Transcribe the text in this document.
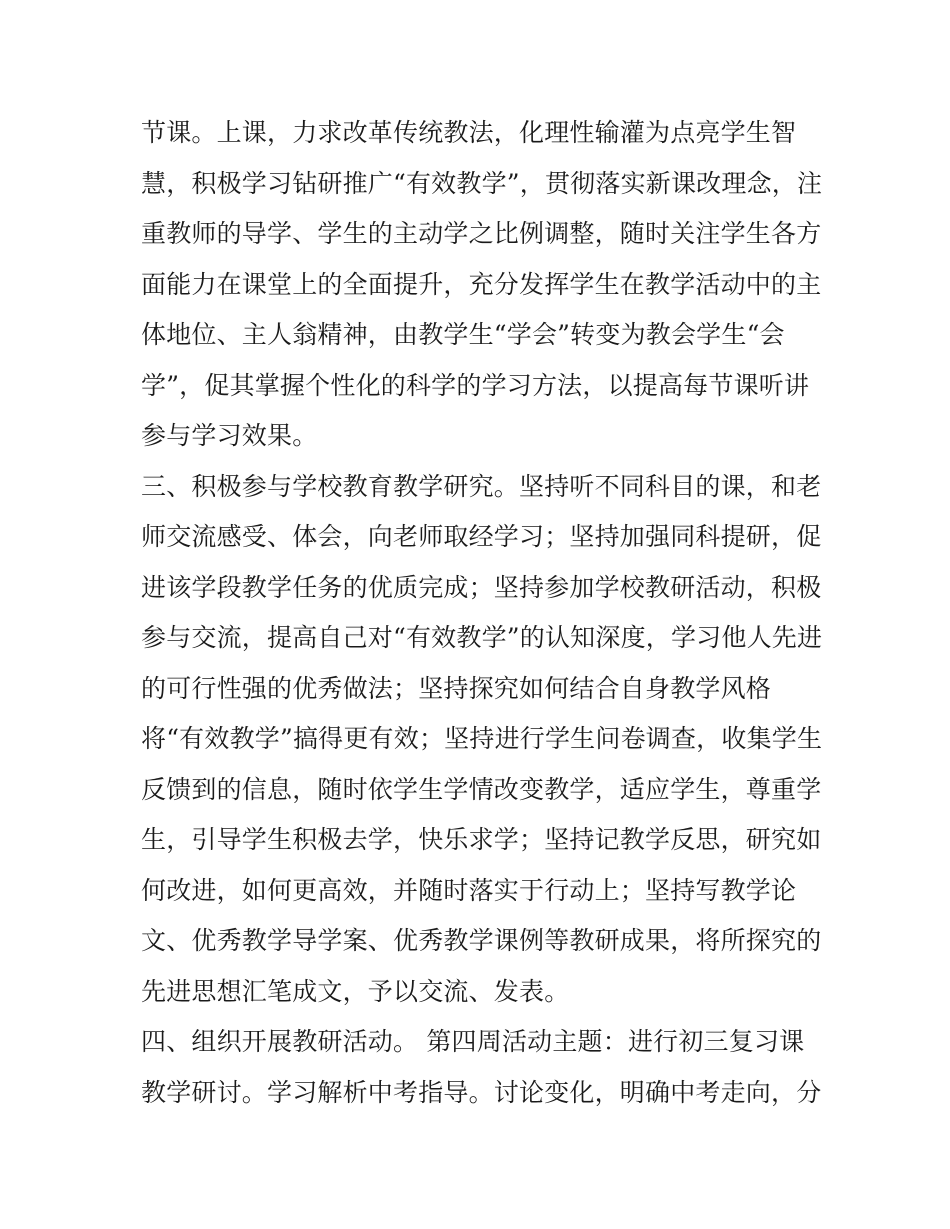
节课。上课，力求改革传统教法，化理性输灌为点亮学生智
慧，积极学习钻研推广“有效教学”，贯彻落实新课改理念，注
重教师的导学、学生的主动学之比例调整，随时关注学生各方
面能力在课堂上的全面提升，充分发挥学生在教学活动中的主
体地位、主人翁精神，由教学生“学会”转变为教会学生“会
学”，促其掌握个性化的科学的学习方法，以提高每节课听讲
参与学习效果。
三、积极参与学校教育教学研究。坚持听不同科目的课，和老
师交流感受、体会，向老师取经学习；坚持加强同科提研，促
进该学段教学任务的优质完成；坚持参加学校教研活动，积极
参与交流，提高自己对“有效教学”的认知深度，学习他人先进
的可行性强的优秀做法；坚持探究如何结合自身教学风格
将“有效教学”搞得更有效；坚持进行学生问卷调查，收集学生
反馈到的信息，随时依学生学情改变教学，适应学生，尊重学
生，引导学生积极去学，快乐求学；坚持记教学反思，研究如
何改进，如何更高效，并随时落实于行动上；坚持写教学论
文、优秀教学导学案、优秀教学课例等教研成果，将所探究的
先进思想汇笔成文，予以交流、发表。
四、组织开展教研活动。 第四周活动主题：进行初三复习课
教学研讨。学习解析中考指导。讨论变化，明确中考走向，分
